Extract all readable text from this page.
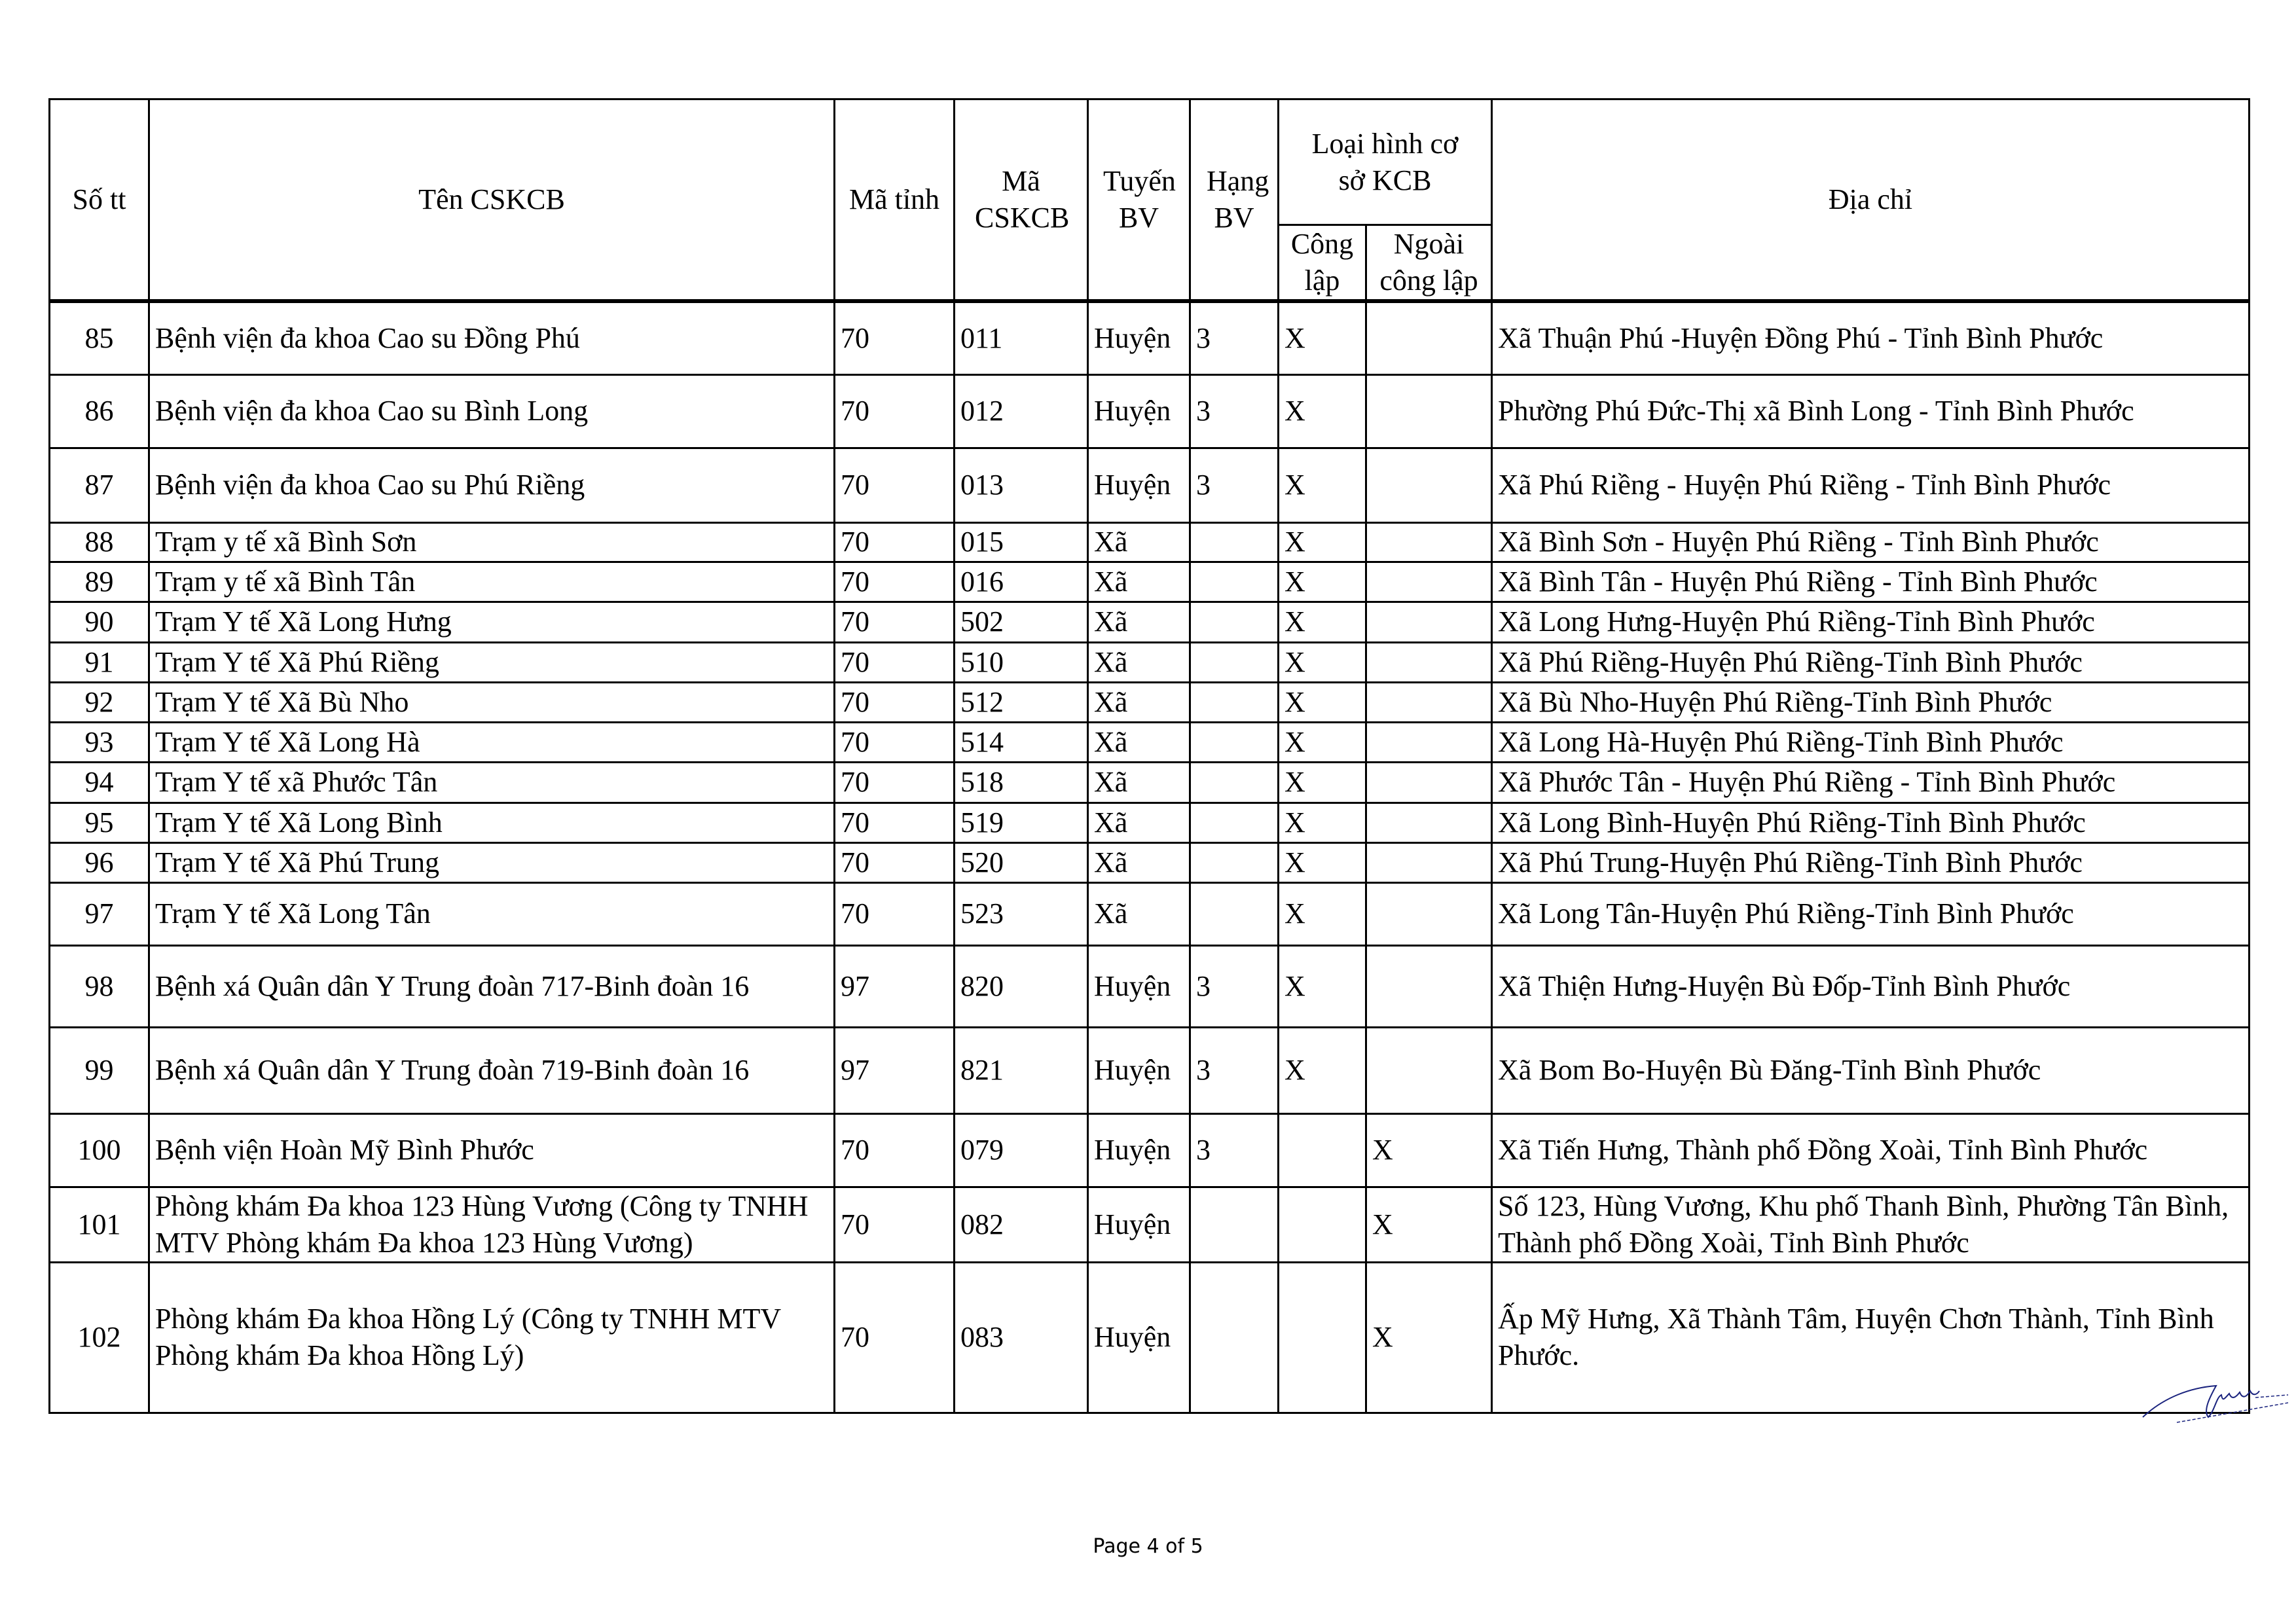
Số tt	Tên CSKCB	Mã tỉnh	Mã CSKCB	Tuyến BV	Hạng BV	Loại hình cơ sở KCB		Địa chỉ
						Công lập	Ngoài công lập	
85	Bệnh viện đa khoa Cao su Đồng Phú	70	011	Huyện	3	X		Xã Thuận Phú -Huyện Đồng Phú - Tỉnh Bình Phước
86	Bệnh viện đa khoa Cao su Bình Long	70	012	Huyện	3	X		Phường Phú Đức-Thị xã Bình Long - Tỉnh Bình Phước
87	Bệnh viện đa khoa Cao su Phú Riềng	70	013	Huyện	3	X		Xã Phú Riềng - Huyện Phú Riềng - Tỉnh Bình Phước
88	Trạm y tế xã Bình Sơn	70	015	Xã		X		Xã Bình Sơn - Huyện Phú Riềng - Tỉnh Bình Phước
89	Trạm y tế xã Bình Tân	70	016	Xã		X		Xã Bình Tân - Huyện Phú Riềng - Tỉnh Bình Phước
90	Trạm Y tế Xã Long Hưng	70	502	Xã		X		Xã Long Hưng-Huyện Phú Riềng-Tỉnh Bình Phước
91	Trạm Y tế Xã Phú Riềng	70	510	Xã		X		Xã Phú Riềng-Huyện Phú Riềng-Tỉnh Bình Phước
92	Trạm Y tế Xã Bù Nho	70	512	Xã		X		Xã Bù Nho-Huyện Phú Riềng-Tỉnh Bình Phước
93	Trạm Y tế Xã Long Hà	70	514	Xã		X		Xã Long Hà-Huyện Phú Riềng-Tỉnh Bình Phước
94	Trạm Y tế xã Phước Tân	70	518	Xã		X		Xã Phước Tân - Huyện Phú Riềng - Tỉnh Bình Phước
95	Trạm Y tế Xã Long Bình	70	519	Xã		X		Xã Long Bình-Huyện Phú Riềng-Tỉnh Bình Phước
96	Trạm Y tế Xã Phú Trung	70	520	Xã		X		Xã Phú Trung-Huyện Phú Riềng-Tỉnh Bình Phước
97	Trạm Y tế Xã Long Tân	70	523	Xã		X		Xã Long Tân-Huyện Phú Riềng-Tỉnh Bình Phước
98	Bệnh xá Quân dân Y Trung đoàn 717-Binh đoàn 16	97	820	Huyện	3	X		Xã Thiện Hưng-Huyện Bù Đốp-Tỉnh Bình Phước
99	Bệnh xá Quân dân Y Trung đoàn 719-Binh đoàn 16	97	821	Huyện	3	X		Xã Bom Bo-Huyện Bù Đăng-Tỉnh Bình Phước
100	Bệnh viện Hoàn Mỹ Bình Phước	70	079	Huyện	3		X	Xã Tiến Hưng, Thành phố Đồng Xoài, Tỉnh Bình Phước
101	Phòng khám Đa khoa 123 Hùng Vương (Công ty TNHH MTV Phòng khám Đa khoa 123 Hùng Vương)	70	082	Huyện			X	Số 123, Hùng Vương, Khu phố Thanh Bình, Phường Tân Bình, Thành phố Đồng Xoài, Tỉnh Bình Phước
102	Phòng khám Đa khoa Hồng Lý (Công ty TNHH MTV Phòng khám Đa khoa Hồng Lý)	70	083	Huyện			X	Ấp Mỹ Hưng, Xã Thành Tâm, Huyện Chơn Thành, Tỉnh Bình Phước.
Page 4 of 5
